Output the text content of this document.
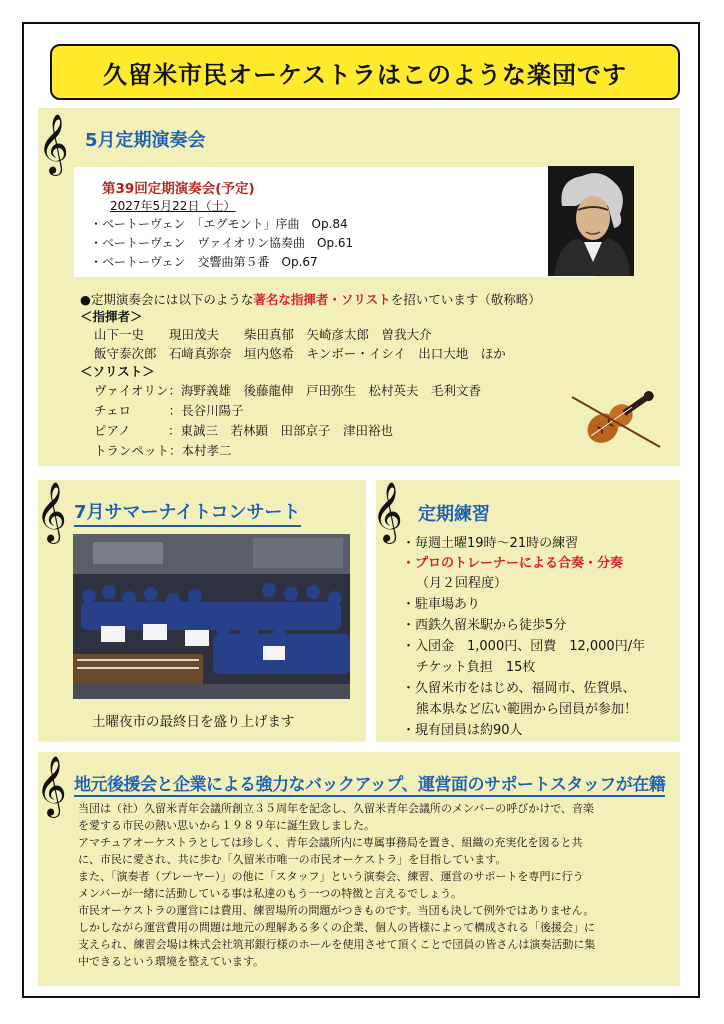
久留米市民オーケストラはこのような楽団です
𝄞 5月定期演奏会
第39回定期演奏会(予定)
2027年5月22日（土）
・ベートーヴェン　「エグモント」序曲　Op.84
・ベートーヴェン　ヴァイオリン協奏曲　Op.61
・ベートーヴェン　交響曲第５番　Op.67
●定期演奏会には以下のような著名な指揮者・ソリストを招いています（敬称略）
＜指揮者＞
山下一史　　現田茂夫　　柴田真郁　矢崎彦太郎　曽我大介
飯守泰次郎　石﨑真弥奈　垣内悠希　キンボー・イシイ　出口大地　ほか
＜ソリスト＞
ヴァイオリン：海野義雄　後藤龍伸　戸田弥生　松村英夫　毛利文香
チェロ　　　：長谷川陽子
ピアノ　　　：東誠三　若林顕　田部京子　津田裕也
トランペット：本村孝二
𝄞 7月サマーナイトコンサート
土曜夜市の最終日を盛り上げます
𝄞 定期練習
・毎週土曜19時～21時の練習
・プロのトレーナーによる合奏・分奏
（月２回程度）
・駐車場あり
・西鉄久留米駅から徒歩5分
・入団金　1,000円、団費　12,000円/年
チケット負担　15枚
・久留米市をはじめ、福岡市、佐賀県、
熊本県など広い範囲から団員が参加！
・現有団員は約90人
𝄞 地元後援会と企業による強力なバックアップ、運営面のサポートスタッフが在籍
当団は（社）久留米青年会議所創立３５周年を記念し、久留米青年会議所のメンバーの呼びかけで、音楽
を愛する市民の熱い思いから１９８９年に誕生致しました。
アマチュアオーケストラとしては珍しく、青年会議所内に専属事務局を置き、組織の充実化を図ると共
に、市民に愛され、共に歩む「久留米市唯一の市民オーケストラ」を目指しています。
また、「演奏者（プレーヤー）」の他に「スタッフ」という演奏会、練習、運営のサポートを専門に行う
メンバーが一緒に活動している事は私達のもう一つの特徴と言えるでしょう。
市民オーケストラの運営には費用、練習場所の問題がつきものです。当団も決して例外ではありません。
しかしながら運営費用の問題は地元の理解ある多くの企業、個人の皆様によって構成される「後援会」に
支えられ、練習会場は株式会社筑邦銀行様のホールを使用させて頂くことで団員の皆さんは演奏活動に集
中できるという環境を整えています。
